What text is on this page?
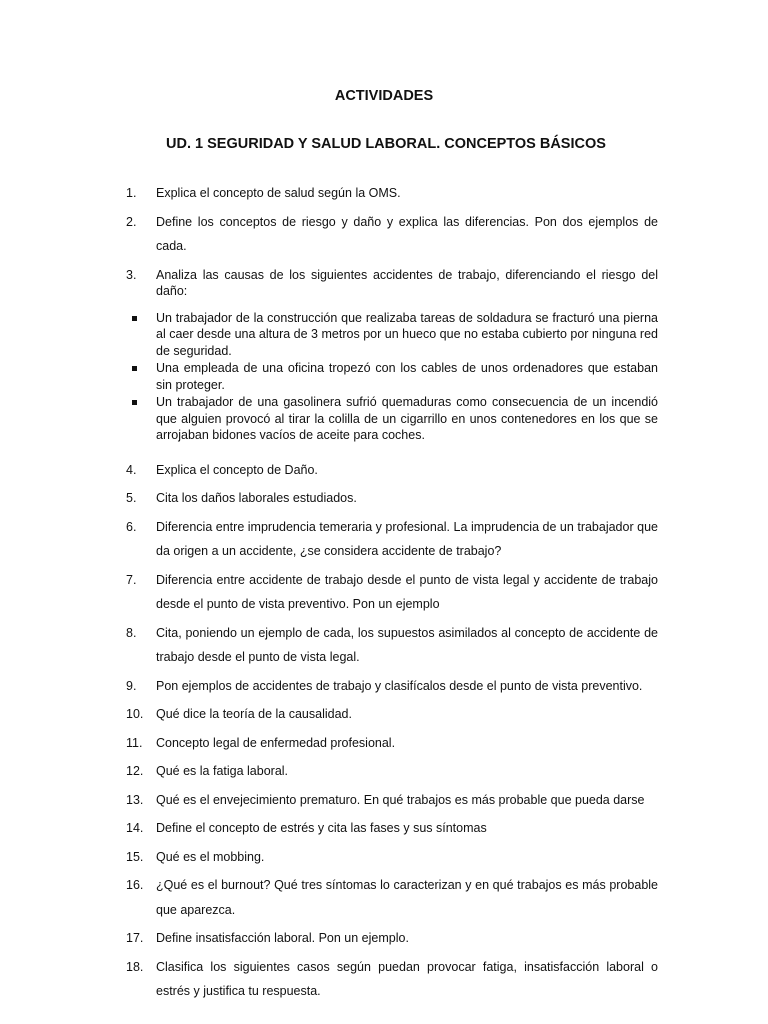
ACTIVIDADES
UD. 1 SEGURIDAD Y SALUD LABORAL. CONCEPTOS BÁSICOS
1.	Explica el concepto de salud según la OMS.
2.	Define los conceptos de riesgo y daño y explica las diferencias. Pon dos ejemplos de cada.
3.	Analiza las causas de los siguientes accidentes de trabajo, diferenciando el riesgo del daño:
Un trabajador de la construcción que realizaba tareas de soldadura se fracturó una pierna al caer desde una altura de 3 metros por un hueco que no estaba cubierto por ninguna red de seguridad.
Una empleada de una oficina tropezó con los cables de unos ordenadores que estaban sin proteger.
Un trabajador de una gasolinera sufrió quemaduras como consecuencia de un incendió que alguien provocó al tirar la colilla de un cigarrillo en unos contenedores en los que se arrojaban bidones vacíos de aceite para coches.
4.	Explica el concepto de Daño.
5.	Cita los daños laborales estudiados.
6.	Diferencia entre imprudencia temeraria y profesional. La imprudencia de un trabajador que da origen a un accidente, ¿se considera accidente de trabajo?
7.	Diferencia entre accidente de trabajo desde el punto de vista legal y accidente de trabajo desde el punto de vista preventivo. Pon un ejemplo
8.	Cita, poniendo un ejemplo de cada, los supuestos asimilados al concepto de accidente de trabajo desde el punto de vista legal.
9.	Pon ejemplos de accidentes de trabajo y clasifícalos desde el punto de vista preventivo.
10.	Qué dice la teoría de la causalidad.
11.	Concepto legal de enfermedad profesional.
12.	Qué es la fatiga laboral.
13.	Qué es el envejecimiento prematuro. En qué trabajos es más probable que pueda darse
14.	Define el concepto de estrés y cita las fases y sus síntomas
15.	Qué es el mobbing.
16.	¿Qué es el burnout? Qué tres síntomas lo caracterizan y en qué trabajos es más probable que aparezca.
17.	Define insatisfacción laboral. Pon un ejemplo.
18.	Clasifica los siguientes casos según puedan provocar fatiga, insatisfacción laboral o estrés y justifica tu respuesta.
